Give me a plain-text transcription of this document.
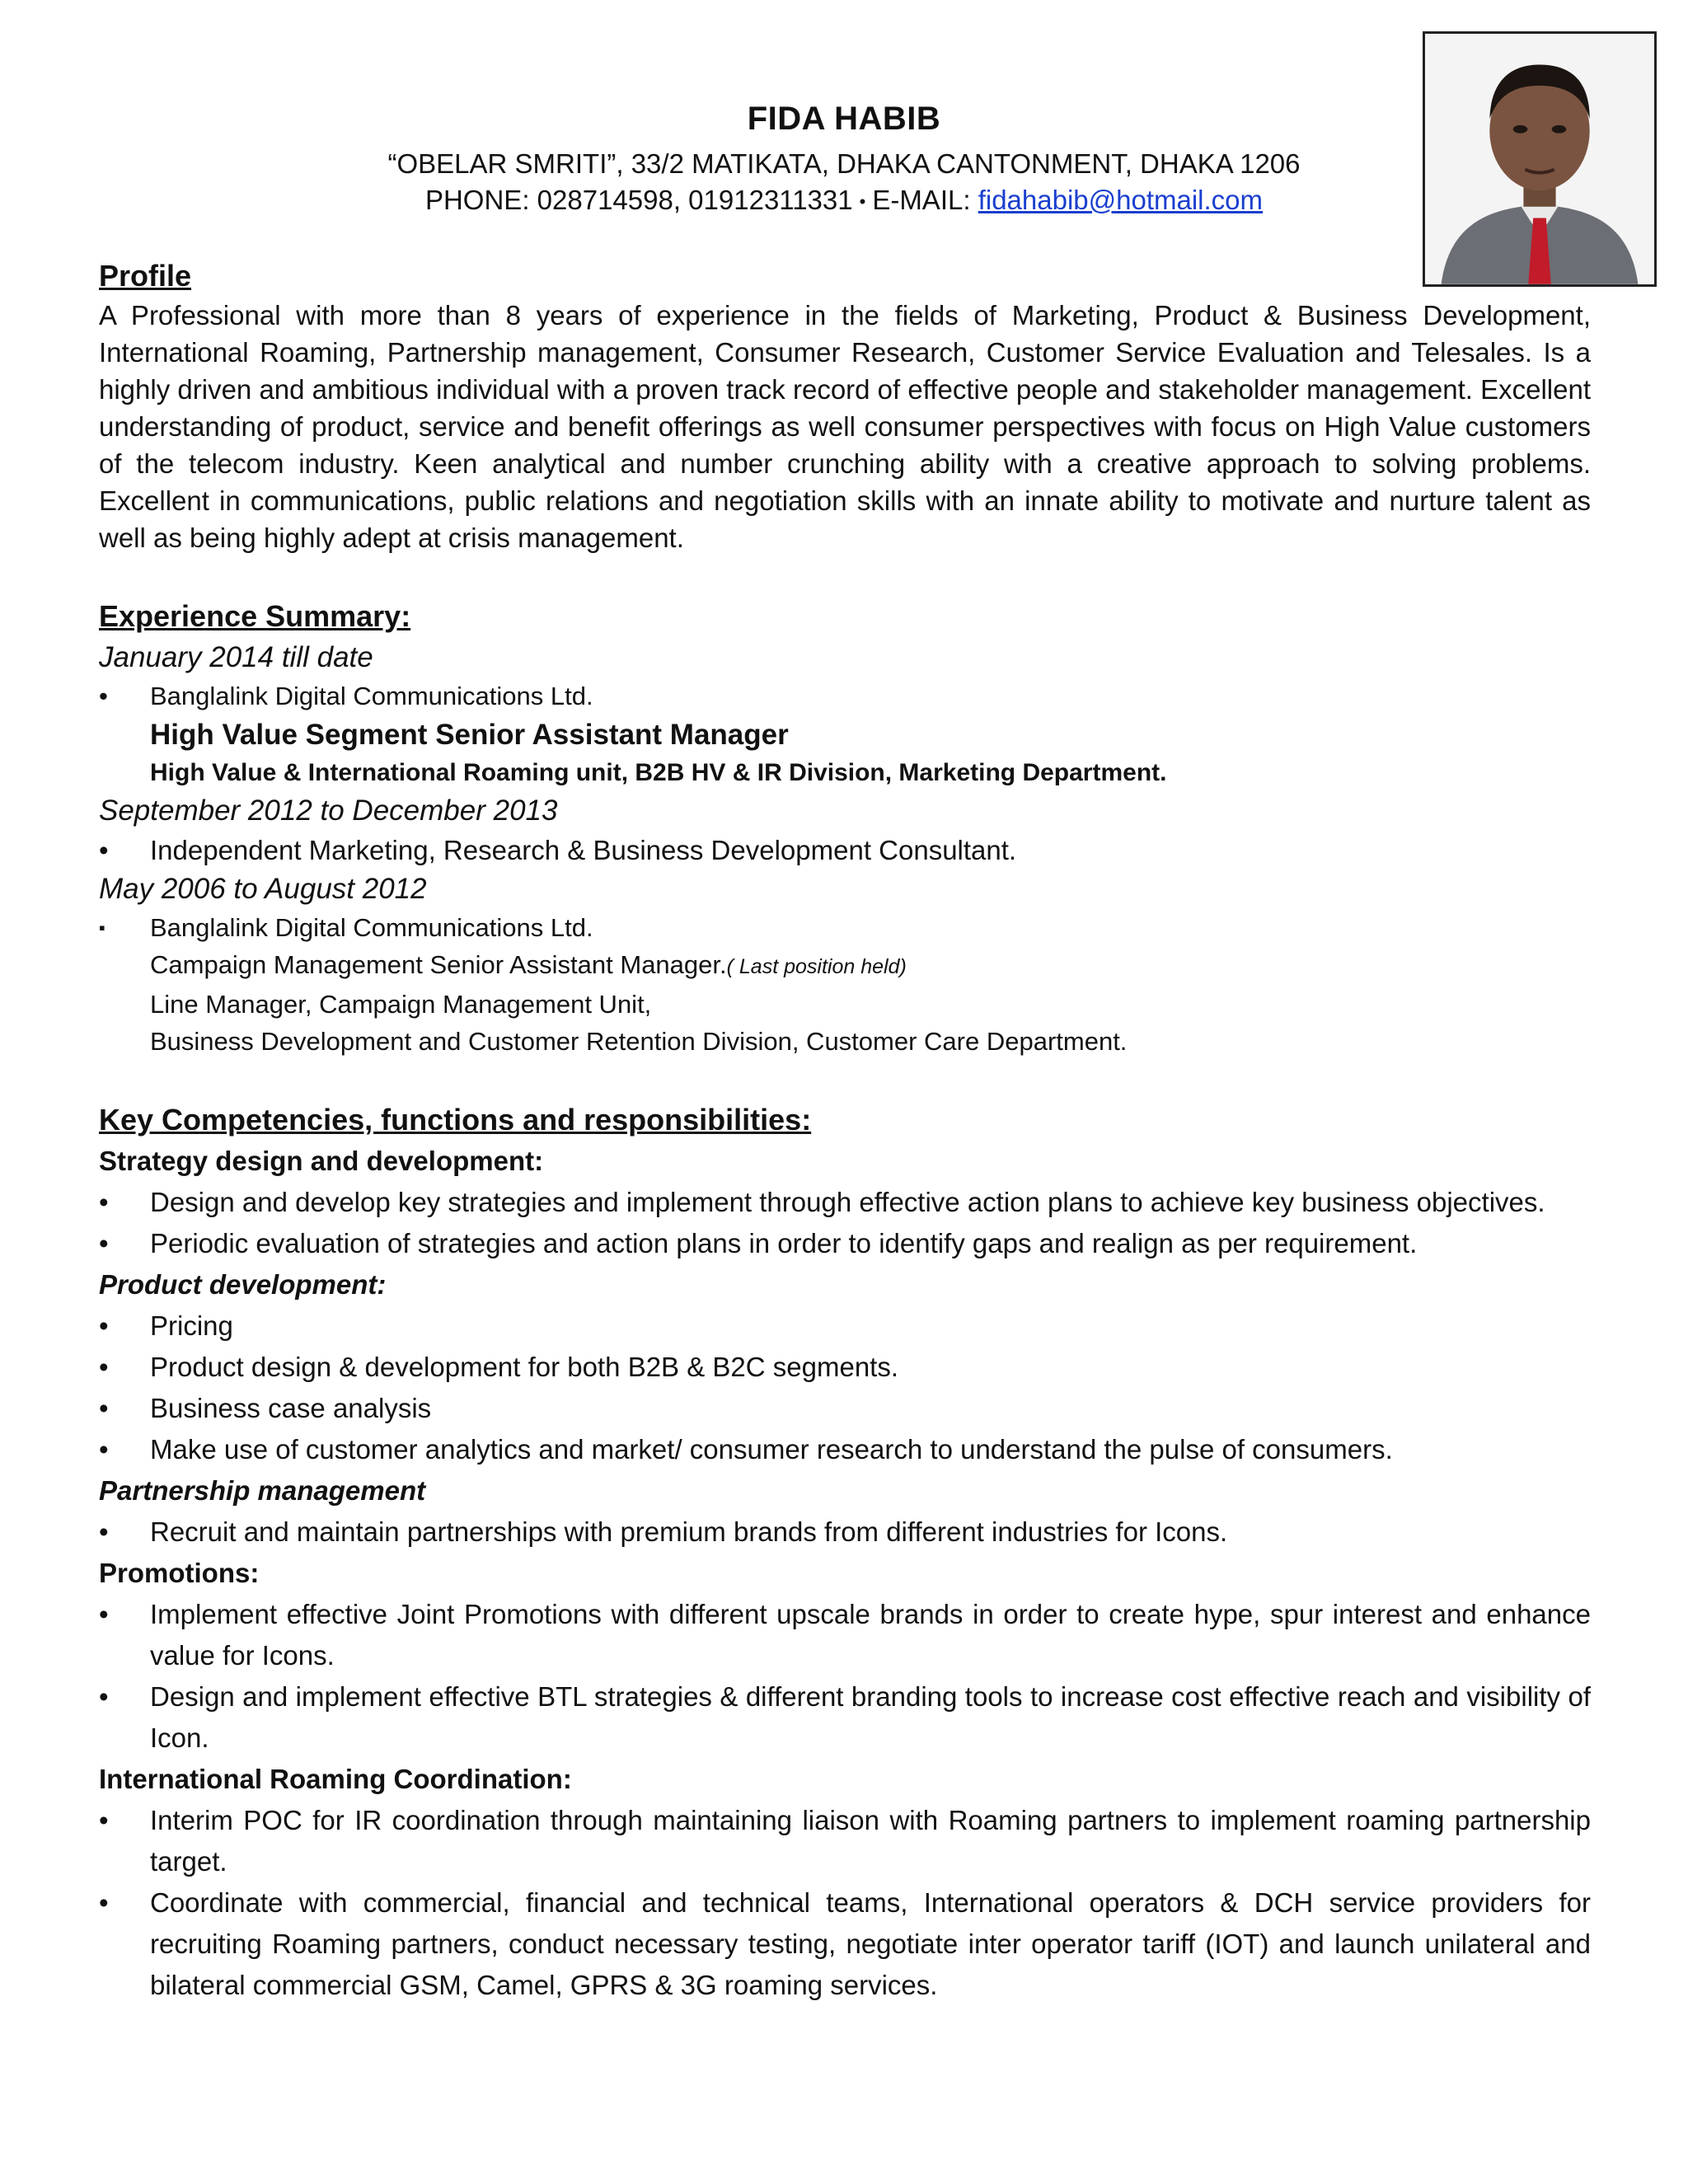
FIDA HABIB
“OBELAR SMRITI”, 33/2 MATIKATA, DHAKA CANTONMENT, DHAKA 1206
PHONE: 028714598, 01912311331 • E-MAIL: fidahabib@hotmail.com
Profile

A Professional with more than 8 years of experience in the fields of Marketing, Product & Business Development, International Roaming, Partnership management, Consumer Research, Customer Service Evaluation and Telesales. Is a highly driven and ambitious individual with a proven track record of effective people and stakeholder management. Excellent understanding of product, service and benefit offerings as well consumer perspectives with focus on High Value customers of the telecom industry. Keen analytical and number crunching ability with a creative approach to solving problems. Excellent in communications, public relations and negotiation skills with an innate ability to motivate and nurture talent as well as being highly adept at crisis management.

Experience Summary:

January 2014 till date

•	Banglalink Digital Communications Ltd.

High Value Segment Senior Assistant Manager

High Value & International Roaming unit, B2B HV & IR Division, Marketing Department.

September 2012 to December 2013

•	Independent Marketing, Research & Business Development Consultant.

May 2006 to August 2012

▪	Banglalink Digital Communications Ltd.

Campaign Management Senior Assistant Manager.( Last position held)

Line Manager, Campaign Management Unit,

Business Development and Customer Retention Division, Customer Care Department.

Key Competencies, functions and responsibilities:

Strategy design and development:

• Design and develop key strategies and implement through effective action plans to achieve key business objectives.

• Periodic evaluation of strategies and action plans in order to identify gaps and realign as per requirement.

Product development:

• Pricing

• Product design & development for both B2B & B2C segments.

• Business case analysis

• Make use of customer analytics and market/ consumer research to understand the pulse of consumers.

Partnership management

• Recruit and maintain partnerships with premium brands from different industries for Icons.

Promotions:

• Implement effective Joint Promotions with different upscale brands in order to create hype, spur interest and enhance value for Icons.

• Design and implement effective BTL strategies & different branding tools to increase cost effective reach and visibility of Icon.

International Roaming Coordination:

• Interim POC for IR coordination through maintaining liaison with Roaming partners to implement roaming partnership target.

• Coordinate with commercial, financial and technical teams, International operators & DCH service providers for recruiting Roaming partners, conduct necessary testing, negotiate inter operator tariff (IOT) and launch unilateral and bilateral commercial GSM, Camel, GPRS & 3G roaming services.
